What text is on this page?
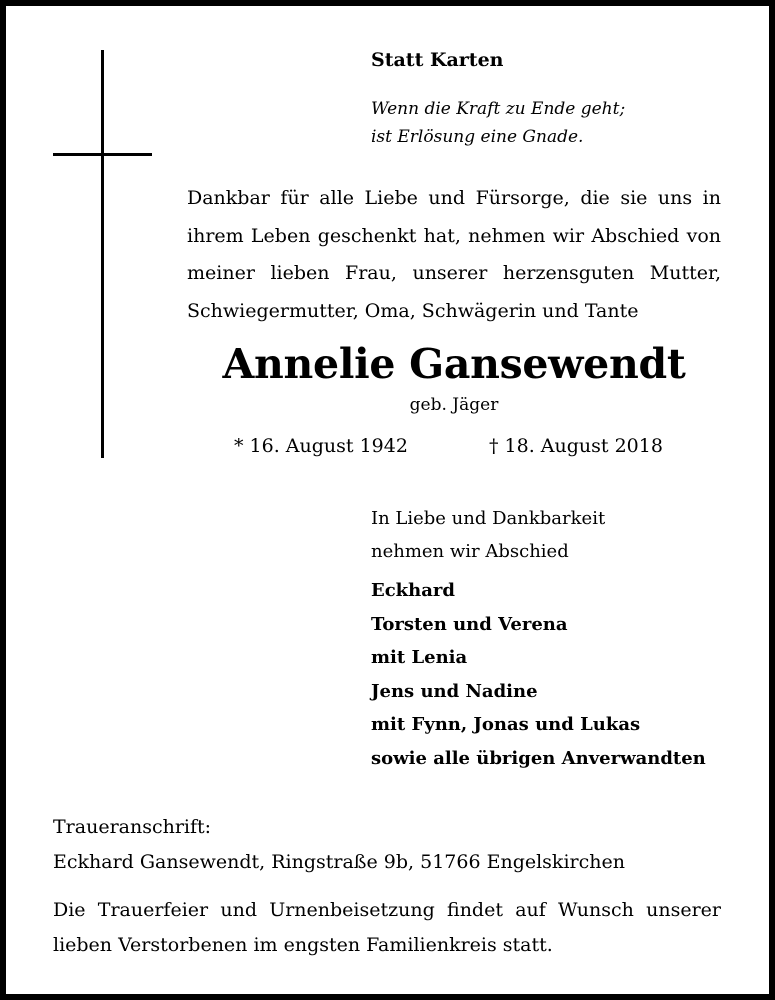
Statt Karten
Wenn die Kraft zu Ende geht;
ist Erlösung eine Gnade.
Dankbar für alle Liebe und Fürsorge, die sie uns in
ihrem Leben geschenkt hat, nehmen wir Abschied von
meiner lieben Frau, unserer herzensguten Mutter,
Schwiegermutter, Oma, Schwägerin und Tante
Annelie Gansewendt
geb. Jäger
* 16. August 1942	† 18. August 2018
In Liebe und Dankbarkeit
nehmen wir Abschied
Eckhard
Torsten und Verena
mit Lenia
Jens und Nadine
mit Fynn, Jonas und Lukas
sowie alle übrigen Anverwandten
Traueranschrift:
Eckhard Gansewendt, Ringstraße 9b, 51766 Engelskirchen
Die Trauerfeier und Urnenbeisetzung findet auf Wunsch unserer
lieben Verstorbenen im engsten Familienkreis statt.
